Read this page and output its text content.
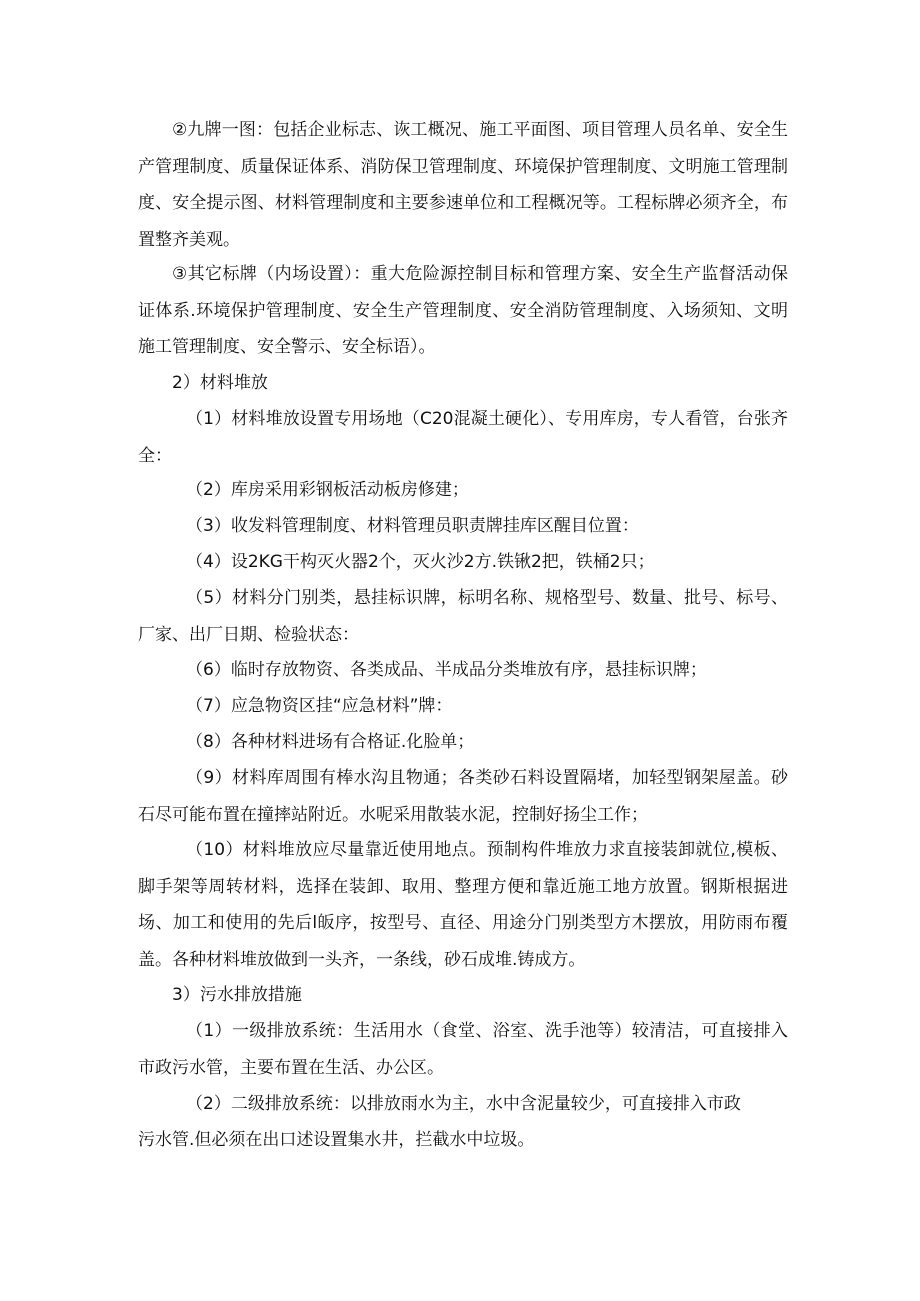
②九牌一图：包括企业标志、诙工概况、施工平面图、项目管理人员名单、安全生产管理制度、质量保证体系、消防保卫管理制度、环境保护管理制度、文明施工管理制度、安全提示图、材料管理制度和主要参速单位和工程概况等。工程标牌必须齐全，布置整齐美观。

③其它标牌（内场设置）：重大危险源控制目标和管理方案、安全生产监督活动保证体系.环境保护管理制度、安全生产管理制度、安全消防管理制度、入场须知、文明施工管理制度、安全警示、安全标语）。

2）材料堆放

（1）材料堆放设置专用场地（C20混凝土硬化）、专用库房，专人看管，台张齐全：

（2）库房采用彩钢板活动板房修建；

（3）收发料管理制度、材料管理员职责牌挂库区醒目位置：

（4）设2KG干构灭火器2个，灭火沙2方.铁锹2把，铁桶2只；

（5）材料分门别类，悬挂标识牌，标明名称、规格型号、数量、批号、标号、厂家、出厂日期、检验状态：

（6）临时存放物资、各类成品、半成品分类堆放有序，悬挂标识牌；

（7）应急物资区挂“应急材料”牌：

（8）各种材料进场有合格证.化脸单；

（9）材料库周围有棒水沟且物通；各类砂石料设置隔堵，加轻型钢架屋盖。砂石尽可能布置在撞摔站附近。水呢采用散装水泥，控制好扬尘工作；

（10）材料堆放应尽量靠近使用地点。预制构件堆放力求直接装卸就位,模板、脚手架等周转材料，选择在装卸、取用、整理方便和靠近施工地方放置。钢斯根据进场、加工和使用的先后l皈序，按型号、直径、用途分门别类型方木摆放，用防雨布覆盖。各种材料堆放做到一头齐，一条线，砂石成堆.铸成方。

3）污水排放措施

（1）一级排放系统：生活用水（食堂、浴室、洗手池等）较清洁，可直接排入市政污水管，主要布置在生活、办公区。

（2）二级排放系统：以排放雨水为主，水中含泥量较少，可直接排入市政

污水管.但必须在出口述设置集水井，拦截水中垃圾。
